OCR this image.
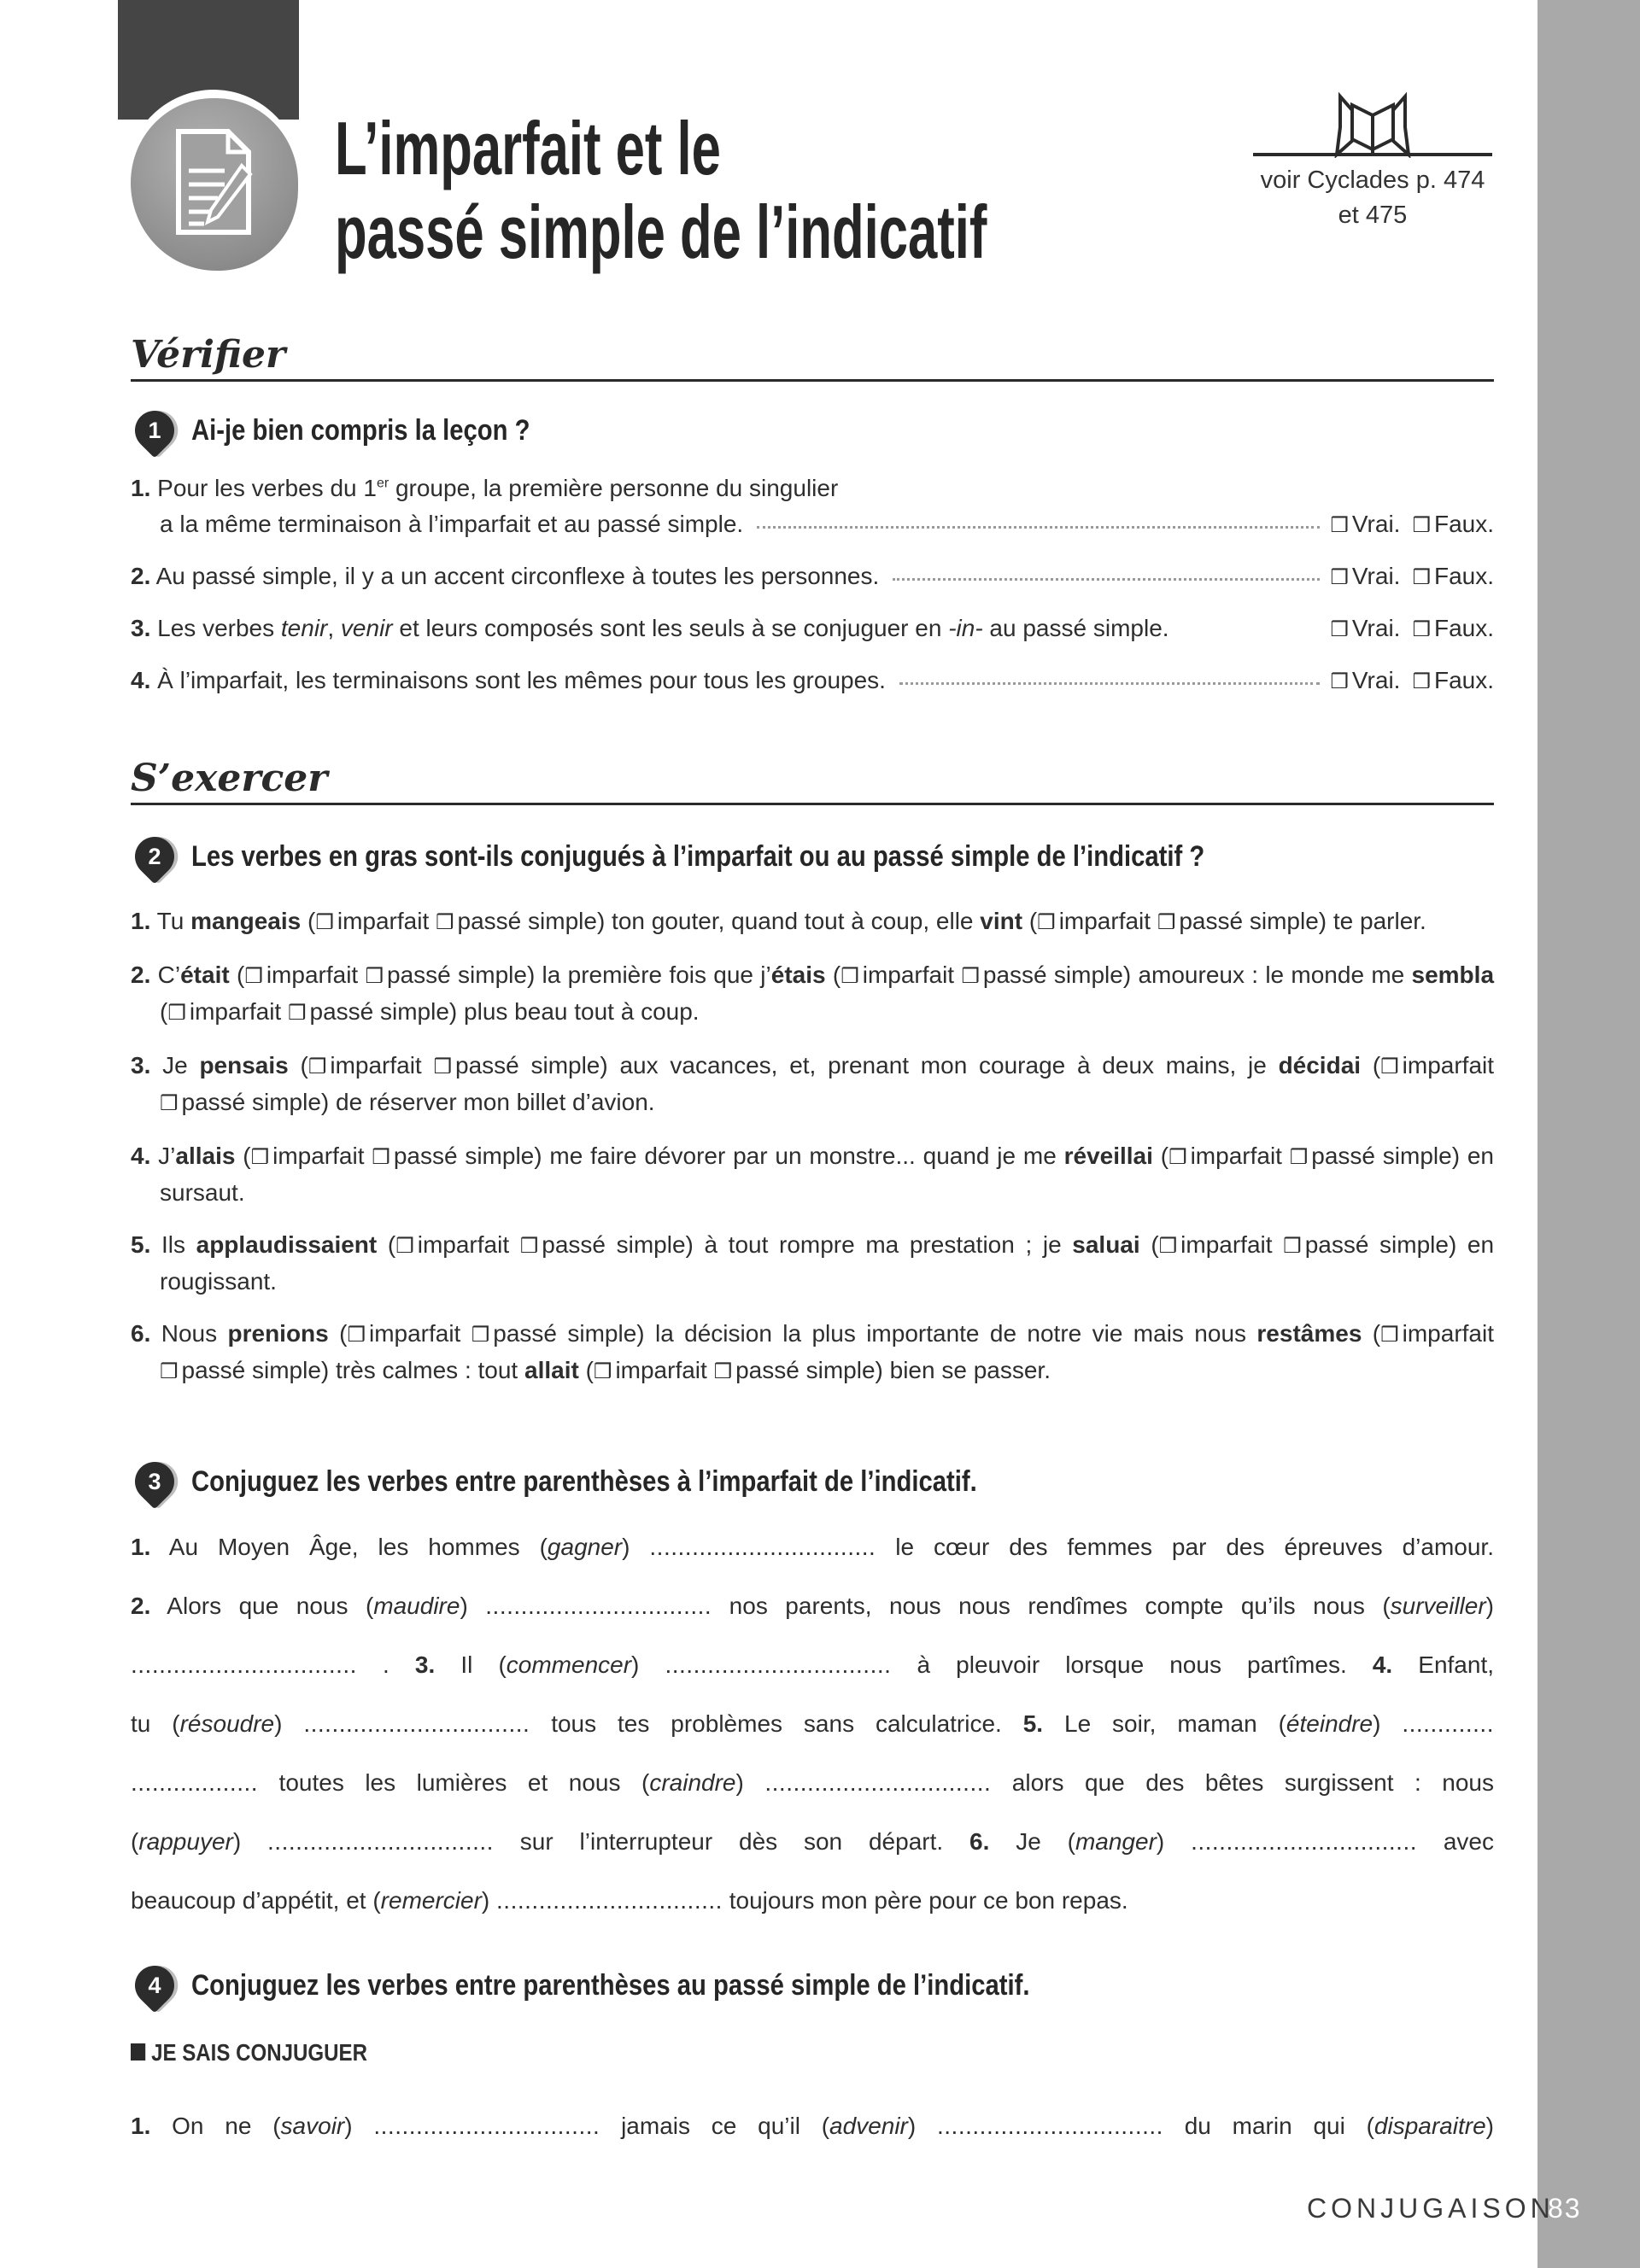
L’imparfait et le
passé simple de l’indicatif
voir Cyclades p. 474
et 475
Vérifier
1 Ai-je bien compris la leçon ?
1. Pour les verbes du 1er groupe, la première personne du singulier
a la même terminaison à l’imparfait et au passé simple.	❒ Vrai. ❒ Faux.
2. Au passé simple, il y a un accent circonflexe à toutes les personnes.	❒ Vrai. ❒ Faux.
3. Les verbes tenir, venir et leurs composés sont les seuls à se conjuguer en -in- au passé simple.	❒ Vrai. ❒ Faux.
4. À l’imparfait, les terminaisons sont les mêmes pour tous les groupes.	❒ Vrai. ❒ Faux.
S’exercer
2 Les verbes en gras sont-ils conjugués à l’imparfait ou au passé simple de l’indicatif ?

1. Tu mangeais (❒ imparfait ❒ passé simple) ton gouter, quand tout à coup, elle vint (❒ imparfait ❒ passé simple) te parler.

2. C’était (❒ imparfait ❒ passé simple) la première fois que j’étais (❒ imparfait ❒ passé simple) amoureux : le monde me sembla (❒ imparfait ❒ passé simple) plus beau tout à coup.

3. Je pensais (❒ imparfait ❒ passé simple) aux vacances, et, prenant mon courage à deux mains, je décidai (❒ imparfait ❒ passé simple) de réserver mon billet d’avion.

4. J’allais (❒ imparfait ❒ passé simple) me faire dévorer par un monstre... quand je me réveillai (❒ imparfait ❒ passé simple) en sursaut.

5. Ils applaudissaient (❒ imparfait ❒ passé simple) à tout rompre ma prestation ; je saluai (❒ imparfait ❒ passé simple) en rougissant.

6. Nous prenions (❒ imparfait ❒ passé simple) la décision la plus importante de notre vie mais nous restâmes (❒ imparfait ❒ passé simple) très calmes : tout allait (❒ imparfait ❒ passé simple) bien se passer.

3 Conjuguez les verbes entre parenthèses à l’imparfait de l’indicatif.
1. Au Moyen Âge, les hommes (gagner) ................................ le cœur des femmes par des épreuves d’amour.
2. Alors que nous (maudire) ................................ nos parents, nous nous rendîmes compte qu’ils nous (surveiller)
................................ . 3. Il (commencer) ................................ à pleuvoir lorsque nous partîmes. 4. Enfant,
tu (résoudre) ................................ tous tes problèmes sans calculatrice. 5. Le soir, maman (éteindre) .............
.................. toutes les lumières et nous (craindre) ................................ alors que des bêtes surgissent : nous
(rappuyer) ................................ sur l’interrupteur dès son départ. 6. Je (manger) ................................ avec
beaucoup d’appétit, et (remercier) ................................ toujours mon père pour ce bon repas.
4 Conjuguez les verbes entre parenthèses au passé simple de l’indicatif.
JE SAIS CONJUGUER
1. On ne (savoir) ................................ jamais ce qu’il (advenir) ................................ du marin qui (disparaitre)
CONJUGAISON
83
